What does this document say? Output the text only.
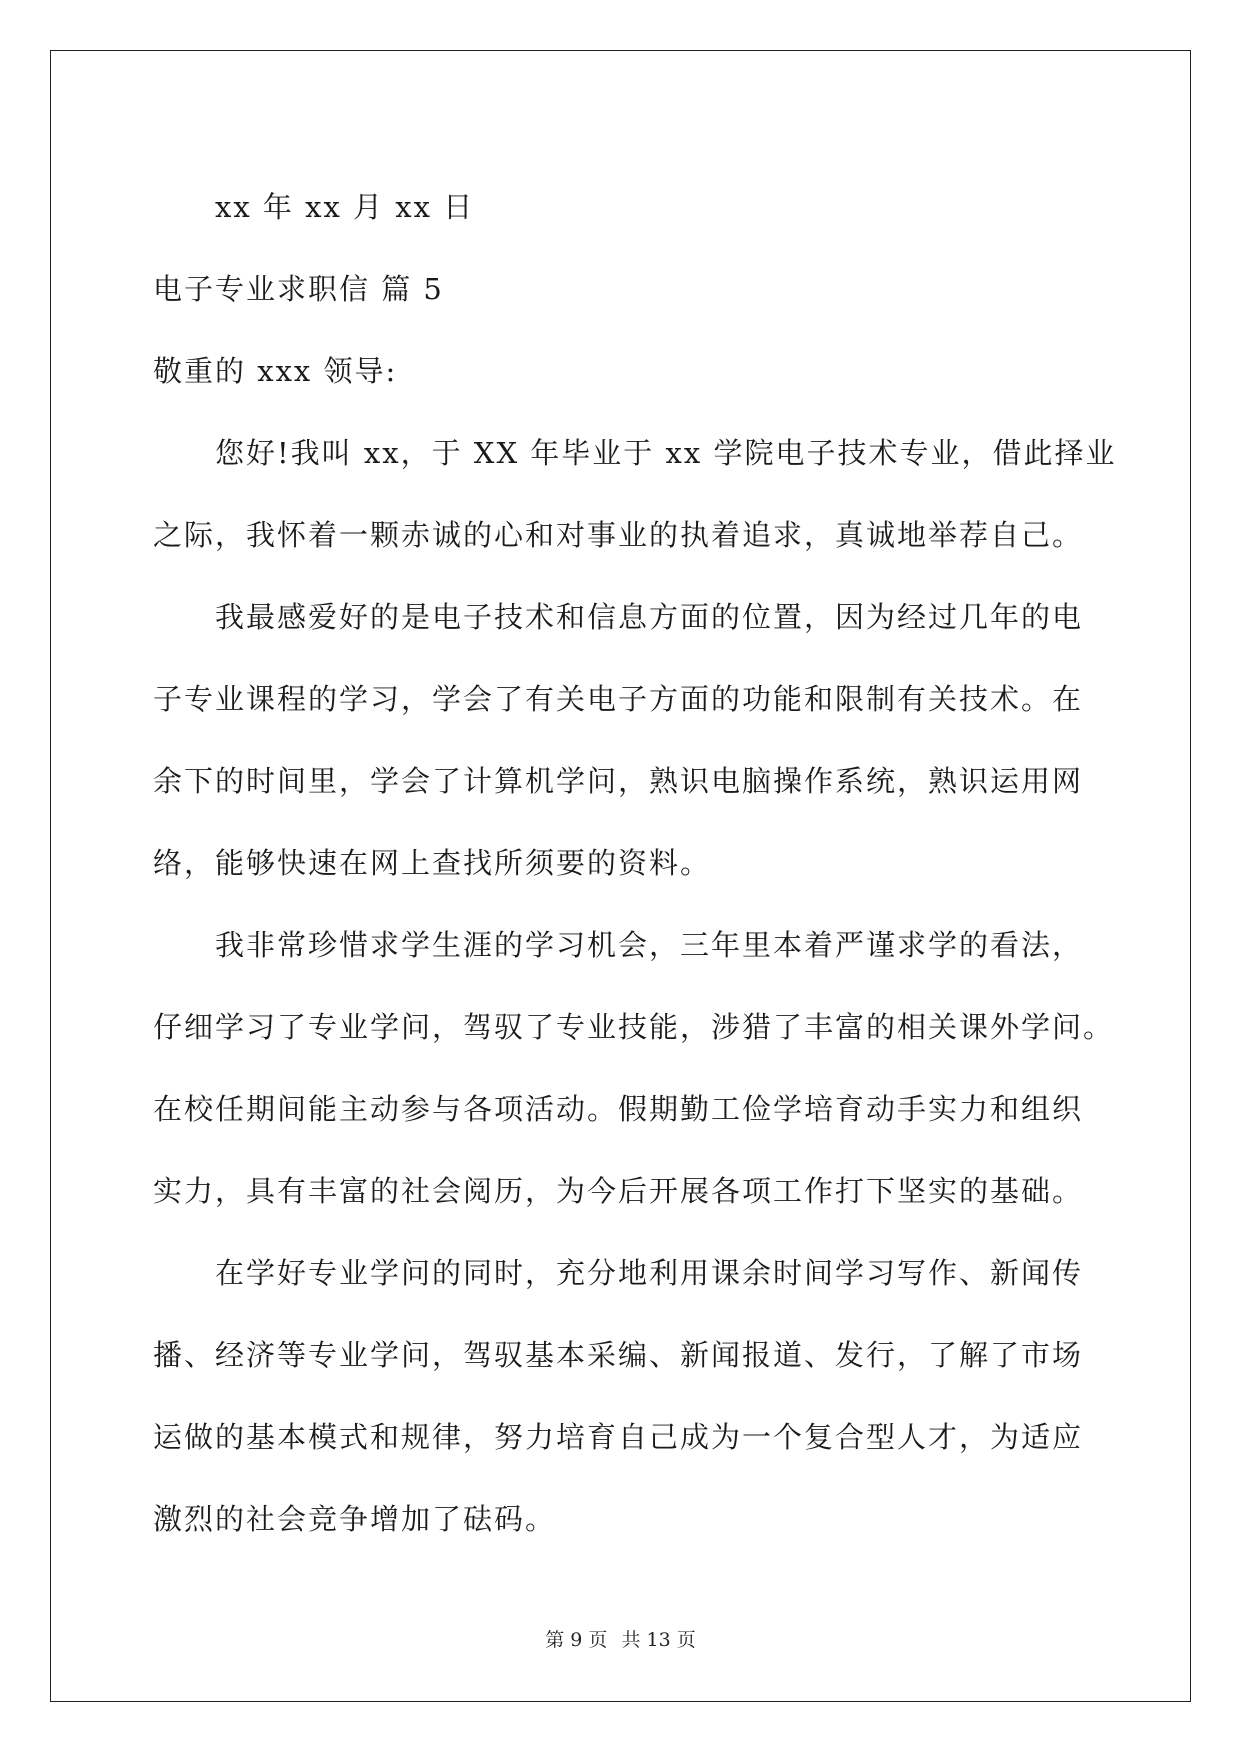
xx 年 xx 月 xx 日
电子专业求职信 篇 5
敬重的 xxx 领导:
您好!我叫 xx，于 XX 年毕业于 xx 学院电子技术专业，借此择业
之际，我怀着一颗赤诚的心和对事业的执着追求，真诚地举荐自己。
我最感爱好的是电子技术和信息方面的位置，因为经过几年的电
子专业课程的学习，学会了有关电子方面的功能和限制有关技术。在
余下的时间里，学会了计算机学问，熟识电脑操作系统，熟识运用网
络，能够快速在网上查找所须要的资料。
我非常珍惜求学生涯的学习机会，三年里本着严谨求学的看法，
仔细学习了专业学问，驾驭了专业技能，涉猎了丰富的相关课外学问。
在校任期间能主动参与各项活动。假期勤工俭学培育动手实力和组织
实力，具有丰富的社会阅历，为今后开展各项工作打下坚实的基础。
在学好专业学问的同时，充分地利用课余时间学习写作、新闻传
播、经济等专业学问，驾驭基本采编、新闻报道、发行，了解了市场
运做的基本模式和规律，努力培育自己成为一个复合型人才，为适应
激烈的社会竞争增加了砝码。
第 9 页 共 13 页
